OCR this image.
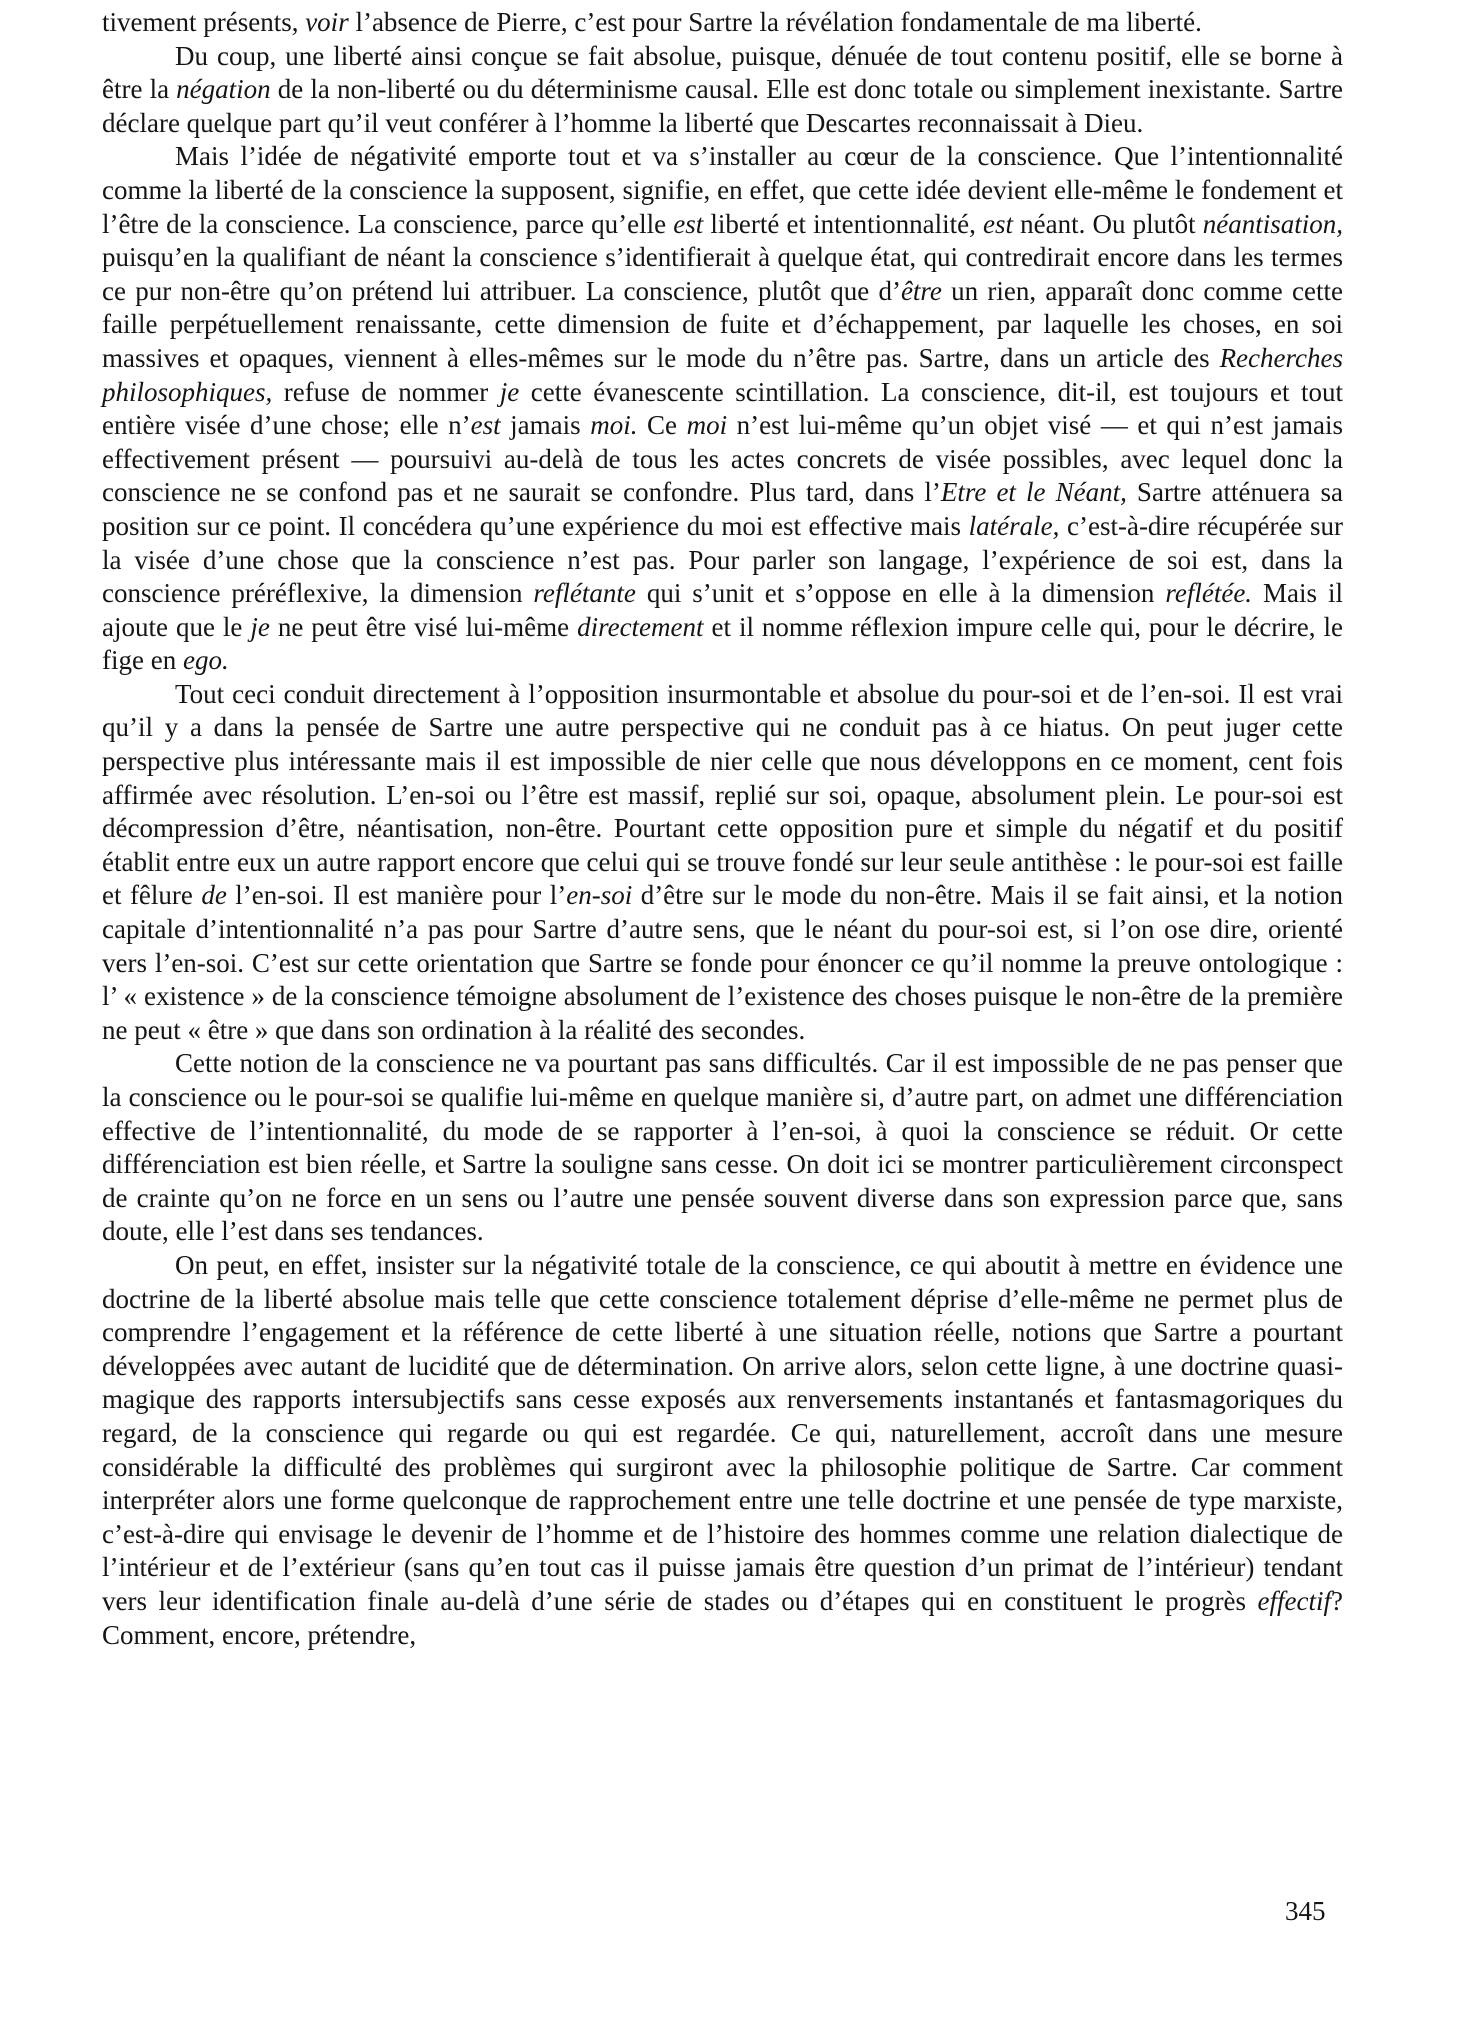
tivement présents, voir l’absence de Pierre, c’est pour Sartre la révélation fondamentale de ma liberté.

Du coup, une liberté ainsi conçue se fait absolue, puisque, dénuée de tout contenu positif, elle se borne à être la négation de la non-liberté ou du déterminisme causal. Elle est donc totale ou simplement inexistante. Sartre déclare quelque part qu’il veut conférer à l’homme la liberté que Descartes reconnaissait à Dieu.

Mais l’idée de négativité emporte tout et va s’installer au cœur de la conscience. Que l’intentionnalité comme la liberté de la conscience la supposent, signifie, en effet, que cette idée devient elle-même le fondement et l’être de la conscience. La conscience, parce qu’elle est liberté et intentionnalité, est néant. Ou plutôt néantisation, puisqu’en la qualifiant de néant la conscience s’identifierait à quelque état, qui contredirait encore dans les termes ce pur non-être qu’on prétend lui attribuer. La conscience, plutôt que d’être un rien, apparaît donc comme cette faille perpétuellement renaissante, cette dimension de fuite et d’échappement, par laquelle les choses, en soi massives et opaques, viennent à elles-mêmes sur le mode du n’être pas. Sartre, dans un article des Recherches philosophiques, refuse de nommer je cette évanescente scintillation. La conscience, dit-il, est toujours et tout entière visée d’une chose; elle n’est jamais moi. Ce moi n’est lui-même qu’un objet visé — et qui n’est jamais effectivement présent — poursuivi au-delà de tous les actes concrets de visée possibles, avec lequel donc la conscience ne se confond pas et ne saurait se confondre. Plus tard, dans l’Etre et le Néant, Sartre atténuera sa position sur ce point. Il concédera qu’une expérience du moi est effective mais latérale, c’est-à-dire récupérée sur la visée d’une chose que la conscience n’est pas. Pour parler son langage, l’expérience de soi est, dans la conscience préréflexive, la dimension reflétante qui s’unit et s’oppose en elle à la dimension reflétée. Mais il ajoute que le je ne peut être visé lui-même directement et il nomme réflexion impure celle qui, pour le décrire, le fige en ego.

Tout ceci conduit directement à l’opposition insurmontable et absolue du pour-soi et de l’en-soi. Il est vrai qu’il y a dans la pensée de Sartre une autre perspective qui ne conduit pas à ce hiatus. On peut juger cette perspective plus intéressante mais il est impossible de nier celle que nous développons en ce moment, cent fois affirmée avec résolution. L’en-soi ou l’être est massif, replié sur soi, opaque, absolument plein. Le pour-soi est décompression d’être, néantisation, non-être. Pourtant cette opposition pure et simple du négatif et du positif établit entre eux un autre rapport encore que celui qui se trouve fondé sur leur seule antithèse : le pour-soi est faille et fêlure de l’en-soi. Il est manière pour l’en-soi d’être sur le mode du non-être. Mais il se fait ainsi, et la notion capitale d’intentionnalité n’a pas pour Sartre d’autre sens, que le néant du pour-soi est, si l’on ose dire, orienté vers l’en-soi. C’est sur cette orientation que Sartre se fonde pour énoncer ce qu’il nomme la preuve ontologique : l’ « existence » de la conscience témoigne absolument de l’existence des choses puisque le non-être de la première ne peut « être » que dans son ordination à la réalité des secondes.

Cette notion de la conscience ne va pourtant pas sans difficultés. Car il est impossible de ne pas penser que la conscience ou le pour-soi se qualifie lui-même en quelque manière si, d’autre part, on admet une différenciation effective de l’intentionnalité, du mode de se rapporter à l’en-soi, à quoi la conscience se réduit. Or cette différenciation est bien réelle, et Sartre la souligne sans cesse. On doit ici se montrer particulièrement circonspect de crainte qu’on ne force en un sens ou l’autre une pensée souvent diverse dans son expression parce que, sans doute, elle l’est dans ses tendances.

On peut, en effet, insister sur la négativité totale de la conscience, ce qui aboutit à mettre en évidence une doctrine de la liberté absolue mais telle que cette conscience totalement déprise d’elle-même ne permet plus de comprendre l’engagement et la référence de cette liberté à une situation réelle, notions que Sartre a pourtant développées avec autant de lucidité que de détermination. On arrive alors, selon cette ligne, à une doctrine quasi-magique des rapports intersubjectifs sans cesse exposés aux renversements instantanés et fantasmagoriques du regard, de la conscience qui regarde ou qui est regardée. Ce qui, naturellement, accroît dans une mesure considérable la difficulté des problèmes qui surgiront avec la philosophie politique de Sartre. Car comment interpréter alors une forme quelconque de rapprochement entre une telle doctrine et une pensée de type marxiste, c’est-à-dire qui envisage le devenir de l’homme et de l’histoire des hommes comme une relation dialectique de l’intérieur et de l’extérieur (sans qu’en tout cas il puisse jamais être question d’un primat de l’intérieur) tendant vers leur identification finale au-delà d’une série de stades ou d’étapes qui en constituent le progrès effectif? Comment, encore, prétendre,

345
